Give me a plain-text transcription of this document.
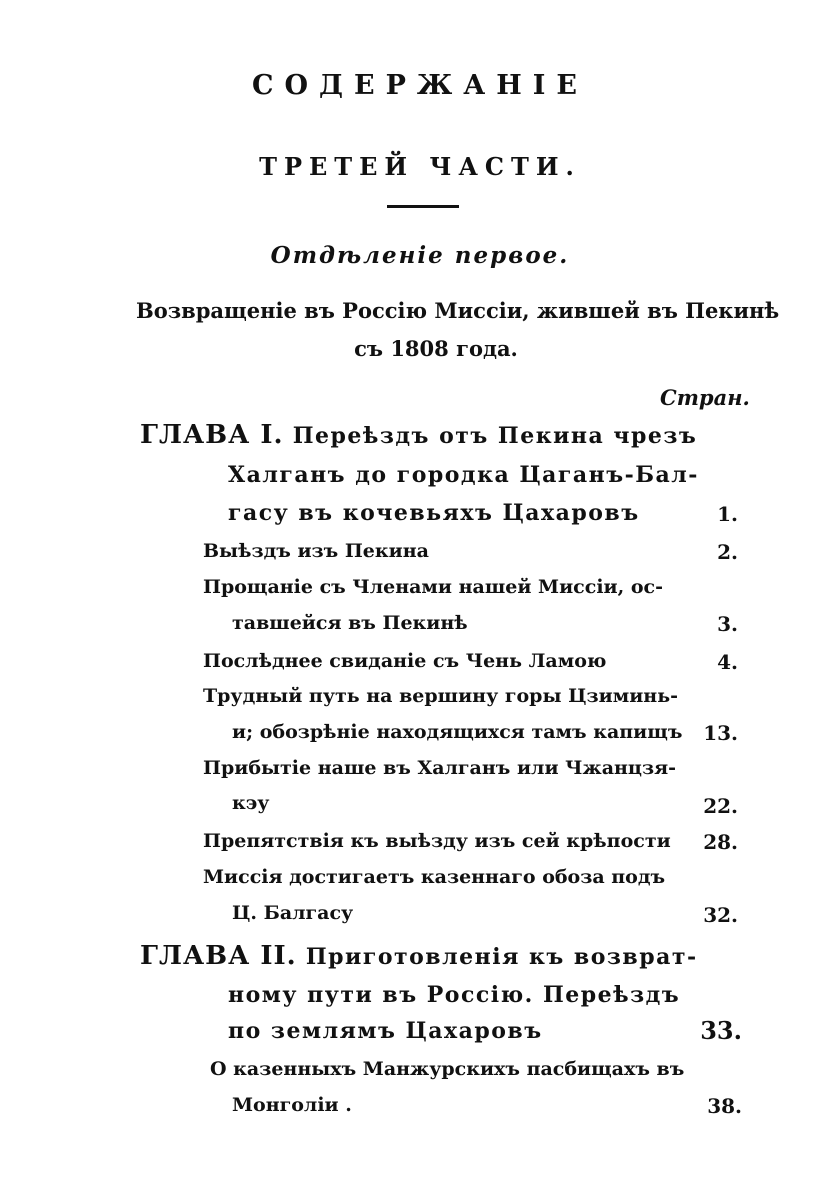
СОДЕРЖАНІЕ
ТРЕТЕЙ ЧАСТИ.
Отдѣленіе первое.
Возвращеніе въ Россію Миссіи, жившей въ Пекинѣ
съ 1808 года.
Стран.
ГЛАВА I. Переѣздъ отъ Пекина чрезъ
Халганъ до городка Цаганъ-Бал-
гасу въ кочевьяхъ Цахаровъ	1.
Выѣздъ изъ Пекина	2.
Прощаніе съ Членами нашей Миссіи, ос-
тавшейся въ Пекинѣ	3.
Послѣднее свиданіе съ Чень Ламою	4.
Трудный путь на вершину горы Цзиминь-
и; обозрѣніе находящихся тамъ капищъ	13.
Прибытіе наше въ Халганъ или Чжанцзя-
кэу	22.
Препятствія къ выѣзду изъ сей крѣпости	28.
Миссія достигаетъ казеннаго обоза подъ
Ц. Балгасу	32.
ГЛАВА II. Приготовленія къ возврат-
ному пути въ Россію. Переѣздъ
по землямъ Цахаровъ	33.
О казенныхъ Манжурскихъ пасбищахъ въ
Монголіи .	38.
